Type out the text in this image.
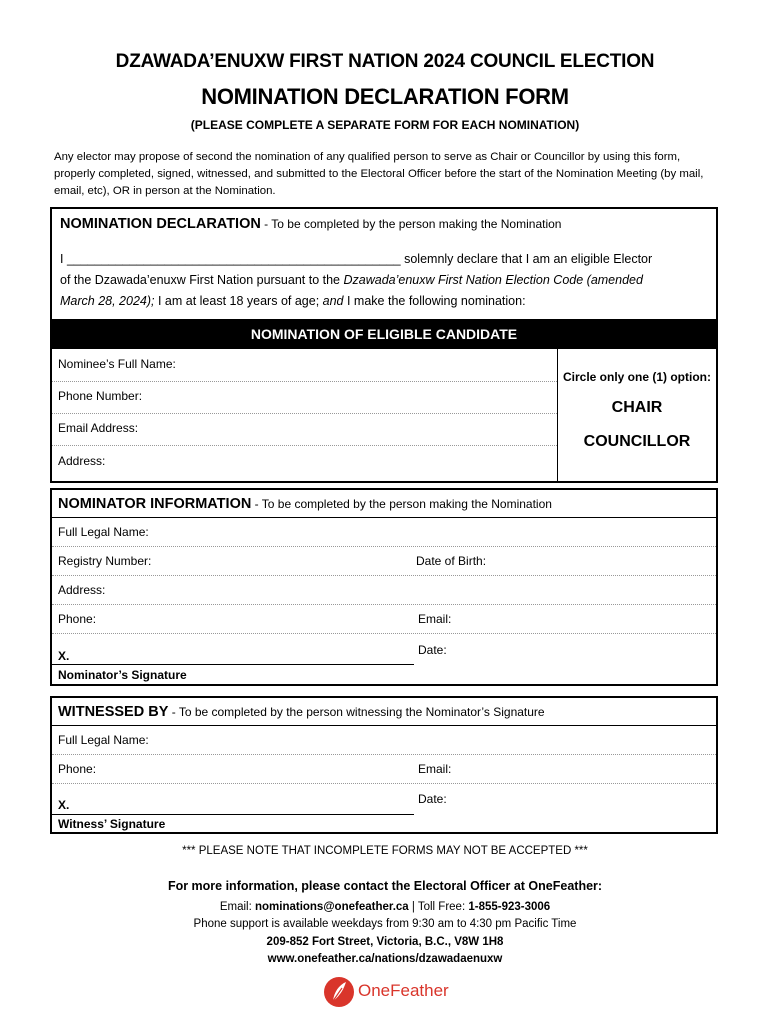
DZAWADA’ENUXW FIRST NATION 2024 COUNCIL ELECTION
NOMINATION DECLARATION FORM
(PLEASE COMPLETE A SEPARATE FORM FOR EACH NOMINATION)
Any elector may propose of second the nomination of any qualified person to serve as Chair or Councillor by using this form, properly completed, signed, witnessed, and submitted to the Electoral Officer before the start of the Nomination Meeting (by mail, email, etc), OR in person at the Nomination.
NOMINATION DECLARATION - To be completed by the person making the Nomination
I ________________________________________________ solemnly declare that I am an eligible Elector
of the Dzawada’enuxw First Nation pursuant to the Dzawada’enuxw First Nation Election Code (amended
March 28, 2024); I am at least 18 years of age; and I make the following nomination:
NOMINATION OF ELIGIBLE CANDIDATE
Nominee’s Full Name:
Phone Number:
Email Address:
Address:
Circle only one (1) option:
CHAIR
COUNCILLOR
NOMINATOR INFORMATION - To be completed by the person making the Nomination
Full Legal Name:
Registry Number:	Date of Birth:
Address:
Phone:	Email:
X.	Date:
Nominator’s Signature
WITNESSED BY - To be completed by the person witnessing the Nominator’s Signature
Full Legal Name:
Phone:	Email:
X.	Date:
Witness’ Signature
*** PLEASE NOTE THAT INCOMPLETE FORMS MAY NOT BE ACCEPTED ***
For more information, please contact the Electoral Officer at OneFeather:
Email: nominations@onefeather.ca | Toll Free: 1-855-923-3006
Phone support is available weekdays from 9:30 am to 4:30 pm Pacific Time
209-852 Fort Street, Victoria, B.C., V8W 1H8
www.onefeather.ca/nations/dzawadaenuxw
OneFeather
